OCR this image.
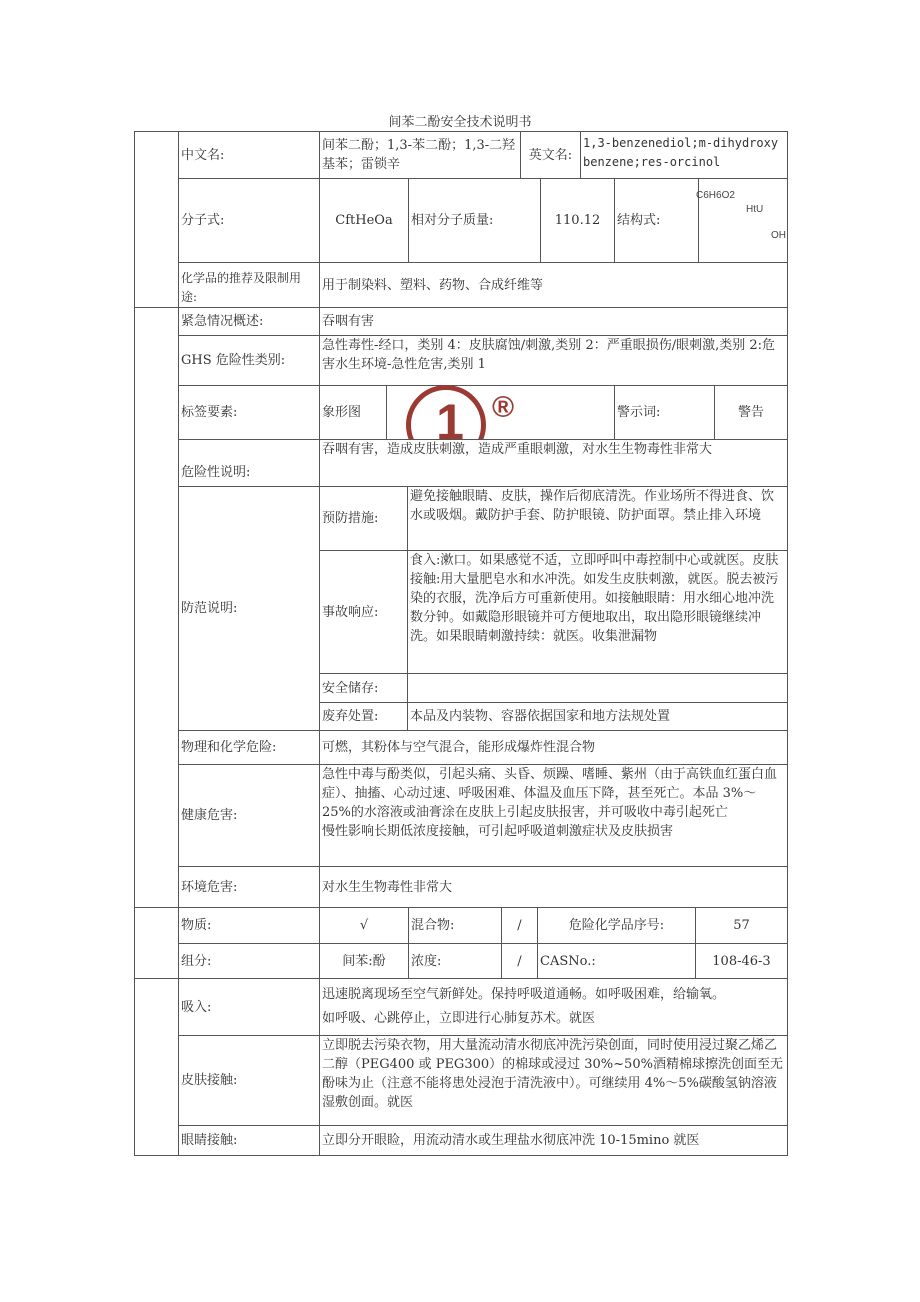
间苯二酚安全技术说明书
中文名:
间苯二酚；1,3-苯二酚；1,3-二羟基苯；雷锁辛
英文名:
1,3-benzenediol;m-dihydroxybenzene;res-orcinol
分子式:	CftHeOa	相对分子质量:	110.12	结构式:
C6H6O2
HtU
OH
化学品的推荐及限制用途:
用于制染料、塑料、药物、合成纤维等
紧急情况概述:	吞咽有害
GHS 危险性类别:
急性毒性-经口，类别 4：皮肤腐蚀/刺激,类别 2：严重眼损伤/眼刺激,类别 2:危害水生环境-急性危害,类别 1
标签要素:	象形图	1 ®	警示词:	警告
危险性说明:
吞咽有害，造成皮肤刺激，造成严重眼刺激，对水生生物毒性非常大
防范说明:
预防措施:
避免接触眼睛、皮肤，操作后彻底清洗。作业场所不得进食、饮水或吸烟。戴防护手套、防护眼镜、防护面罩。禁止排入环境
事故响应:
食入:漱口。如果感觉不适，立即呼叫中毒控制中心或就医。皮肤接触:用大量肥皂水和水冲洗。如发生皮肤刺激，就医。脱去被污染的衣服，洗净后方可重新使用。如接触眼睛：用水细心地冲洗数分钟。如戴隐形眼镜并可方便地取出，取出隐形眼镜继续冲洗。如果眼睛刺激持续：就医。收集泄漏物
安全储存:
废弃处置:	本品及内装物、容器依据国家和地方法规处置
物理和化学危险:	可燃，其粉体与空气混合，能形成爆炸性混合物
健康危害:
急性中毒与酚类似，引起头痛、头昏、烦躁、嗜睡、紫州（由于高铁血红蛋白血症）、抽搐、心动过速、呼吸困难、体温及血压下降，甚至死亡。本品 3%～25%的水溶液或油膏涂在皮肤上引起皮肤报害，并可吸收中毒引起死亡
慢性影响长期低浓度接触，可引起呼吸道刺激症状及皮肤损害
环境危害:	对水生生物毒性非常大
物质:	√	混合物:	/	危险化学品序号:	57
组分:	间苯:酚	浓度:	/	CASNo.:	108-46-3
吸入:
迅速脱离现场至空气新鲜处。保持呼吸道通畅。如呼吸困难，给输氧。
如呼吸、心跳停止，立即进行心肺复苏术。就医
皮肤接触:
立即脱去污染衣物，用大量流动清水彻底冲洗污染创面，同时使用浸过聚乙烯乙二醇（PEG400 或 PEG300）的棉球或浸过 30%~50%酒精棉球擦洗创面至无酚味为止（注意不能将患处浸泡于清洗液中）。可继续用 4%～5%碳酸氢钠溶液湿敷创面。就医
眼睛接触:	立即分开眼睑，用流动清水或生理盐水彻底冲洗 10-15mino 就医
